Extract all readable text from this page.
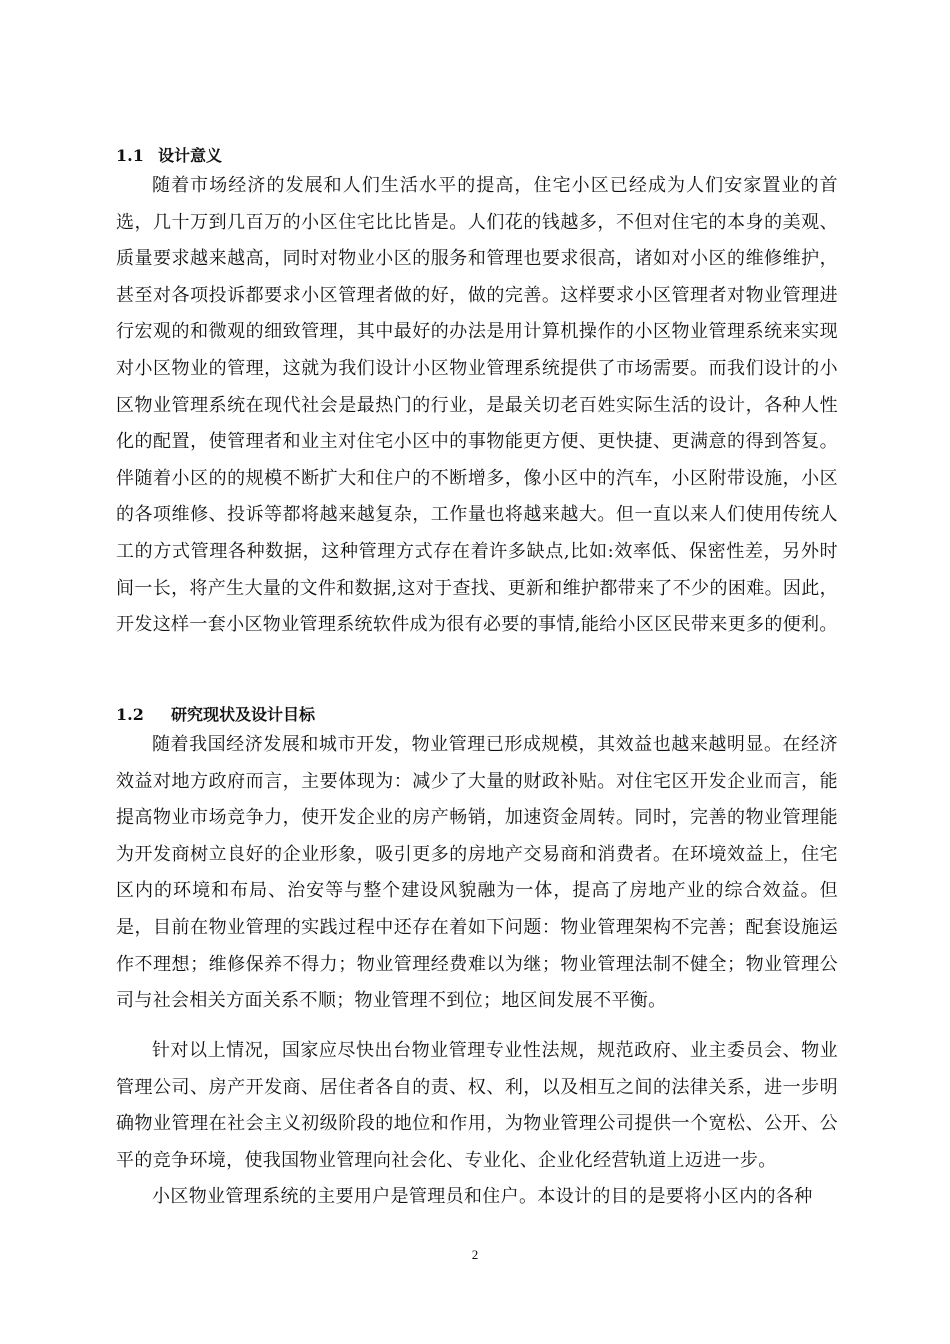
1.1 设计意义

随着市场经济的发展和人们生活水平的提高，住宅小区已经成为人们安家置业的首选，几十万到几百万的小区住宅比比皆是。人们花的钱越多，不但对住宅的本身的美观、质量要求越来越高，同时对物业小区的服务和管理也要求很高，诸如对小区的维修维护，甚至对各项投诉都要求小区管理者做的好，做的完善。这样要求小区管理者对物业管理进行宏观的和微观的细致管理，其中最好的办法是用计算机操作的小区物业管理系统来实现对小区物业的管理，这就为我们设计小区物业管理系统提供了市场需要。而我们设计的小区物业管理系统在现代社会是最热门的行业，是最关切老百姓实际生活的设计，各种人性化的配置，使管理者和业主对住宅小区中的事物能更方便、更快捷、更满意的得到答复。伴随着小区的的规模不断扩大和住户的不断增多，像小区中的汽车，小区附带设施，小区的各项维修、投诉等都将越来越复杂，工作量也将越来越大。但一直以来人们使用传统人工的方式管理各种数据，这种管理方式存在着许多缺点,比如:效率低、保密性差，另外时间一长，将产生大量的文件和数据,这对于查找、更新和维护都带来了不少的困难。因此，开发这样一套小区物业管理系统软件成为很有必要的事情,能给小区区民带来更多的便利。

1.2 研究现状及设计目标

随着我国经济发展和城市开发，物业管理已形成规模，其效益也越来越明显。在经济效益对地方政府而言，主要体现为：减少了大量的财政补贴。对住宅区开发企业而言，能提高物业市场竞争力，使开发企业的房产畅销，加速资金周转。同时，完善的物业管理能为开发商树立良好的企业形象，吸引更多的房地产交易商和消费者。在环境效益上，住宅区内的环境和布局、治安等与整个建设风貌融为一体，提高了房地产业的综合效益。但是，目前在物业管理的实践过程中还存在着如下问题：物业管理架构不完善；配套设施运作不理想；维修保养不得力；物业管理经费难以为继；物业管理法制不健全；物业管理公司与社会相关方面关系不顺；物业管理不到位；地区间发展不平衡。

针对以上情况，国家应尽快出台物业管理专业性法规，规范政府、业主委员会、物业管理公司、房产开发商、居住者各自的责、权、利，以及相互之间的法律关系，进一步明确物业管理在社会主义初级阶段的地位和作用，为物业管理公司提供一个宽松、公开、公平的竞争环境，使我国物业管理向社会化、专业化、企业化经营轨道上迈进一步。

小区物业管理系统的主要用户是管理员和住户。本设计的目的是要将小区内的各种

2
